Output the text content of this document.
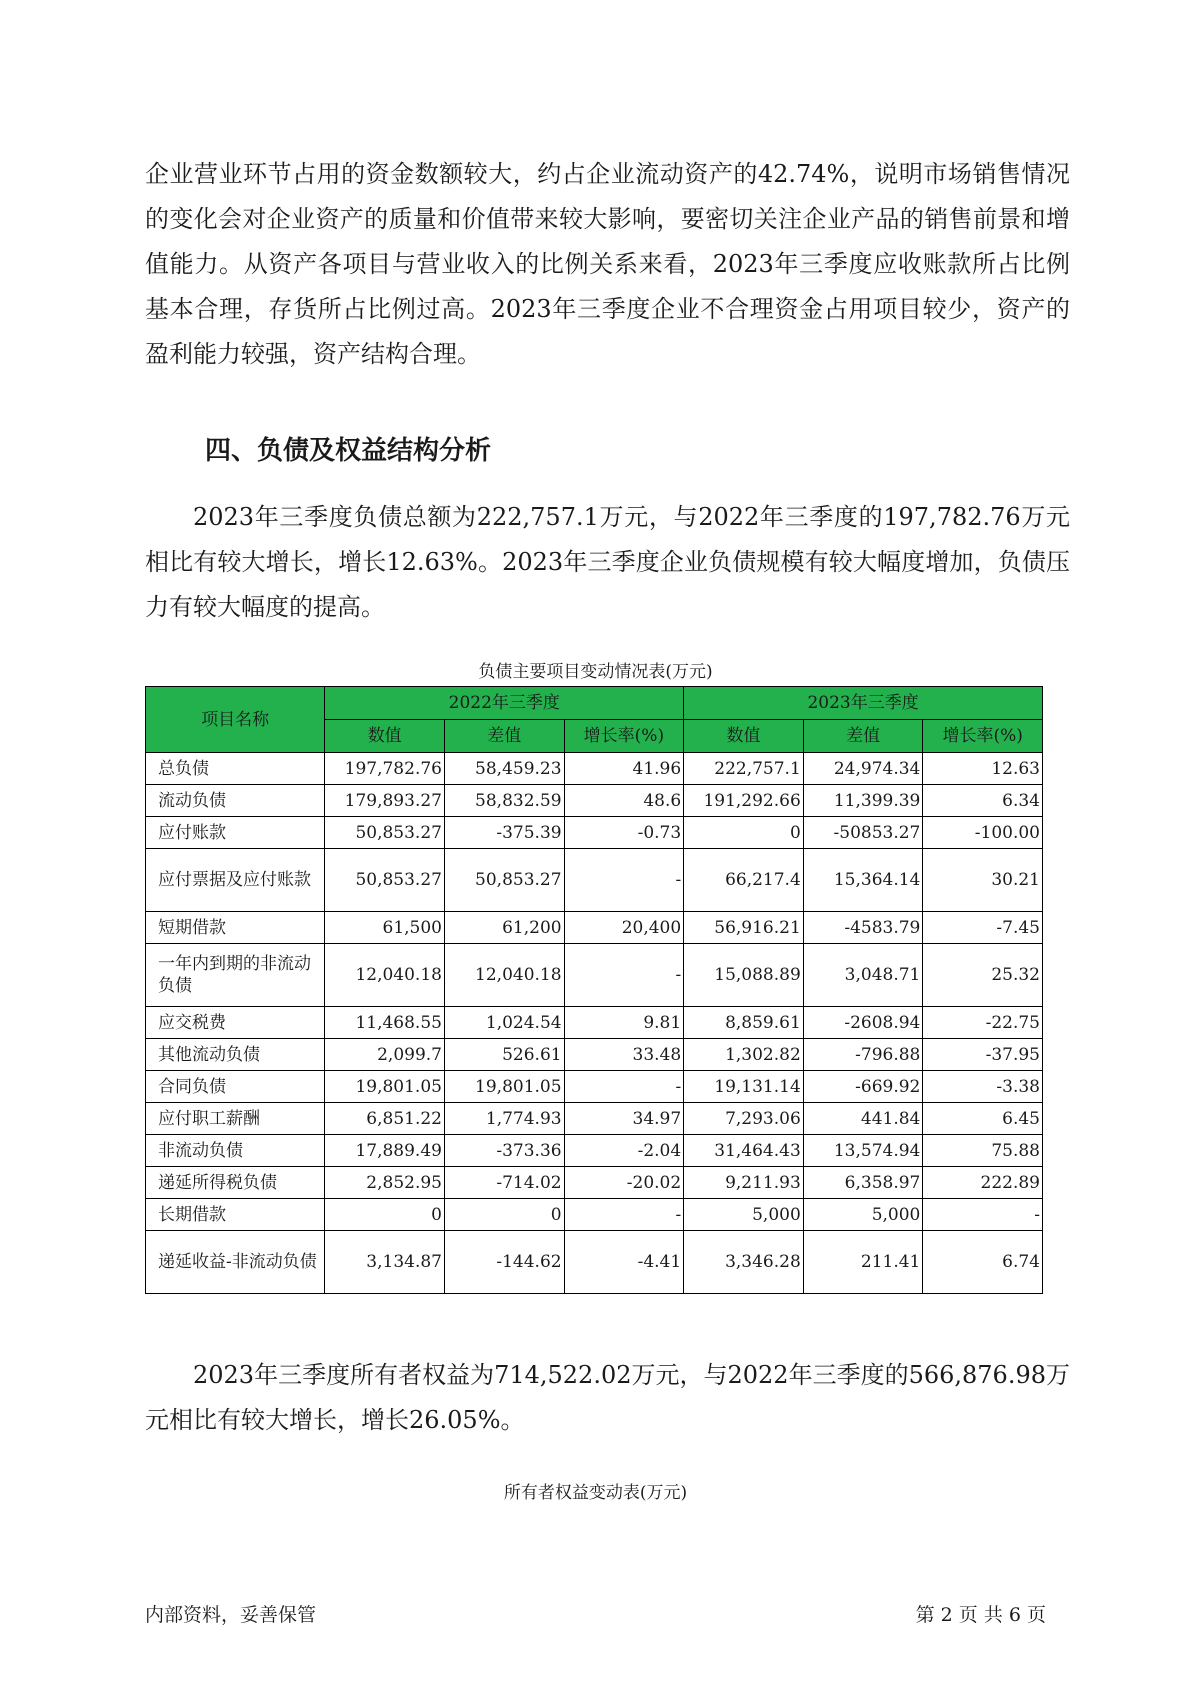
企业营业环节占用的资金数额较大，约占企业流动资产的42.74%，说明市场销售情况的变化会对企业资产的质量和价值带来较大影响，要密切关注企业产品的销售前景和增值能力。从资产各项目与营业收入的比例关系来看，2023年三季度应收账款所占比例基本合理，存货所占比例过高。2023年三季度企业不合理资金占用项目较少，资产的盈利能力较强，资产结构合理。

四、负债及权益结构分析

2023年三季度负债总额为222,757.1万元，与2022年三季度的197,782.76万元相比有较大增长，增长12.63%。2023年三季度企业负债规模有较大幅度增加，负债压力有较大幅度的提高。

负债主要项目变动情况表(万元)

项目名称	2022年三季度			2023年三季度		
	数值	差值	增长率(%)	数值	差值	增长率(%)
总负债	197,782.76	58,459.23	41.96	222,757.1	24,974.34	12.63
流动负债	179,893.27	58,832.59	48.6	191,292.66	11,399.39	6.34
应付账款	50,853.27	-375.39	-0.73	0	-50853.27	-100.00
应付票据及应付账款	50,853.27	50,853.27	-	66,217.4	15,364.14	30.21
短期借款	61,500	61,200	20,400	56,916.21	-4583.79	-7.45
一年内到期的非流动负债	12,040.18	12,040.18	-	15,088.89	3,048.71	25.32
应交税费	11,468.55	1,024.54	9.81	8,859.61	-2608.94	-22.75
其他流动负债	2,099.7	526.61	33.48	1,302.82	-796.88	-37.95
合同负债	19,801.05	19,801.05	-	19,131.14	-669.92	-3.38
应付职工薪酬	6,851.22	1,774.93	34.97	7,293.06	441.84	6.45
非流动负债	17,889.49	-373.36	-2.04	31,464.43	13,574.94	75.88
递延所得税负债	2,852.95	-714.02	-20.02	9,211.93	6,358.97	222.89
长期借款	0	0	-	5,000	5,000	-
递延收益-非流动负债	3,134.87	-144.62	-4.41	3,346.28	211.41	6.74

2023年三季度所有者权益为714,522.02万元，与2022年三季度的566,876.98万元相比有较大增长，增长26.05%。

所有者权益变动表(万元)

内部资料，妥善保管	第 2 页 共 6 页
